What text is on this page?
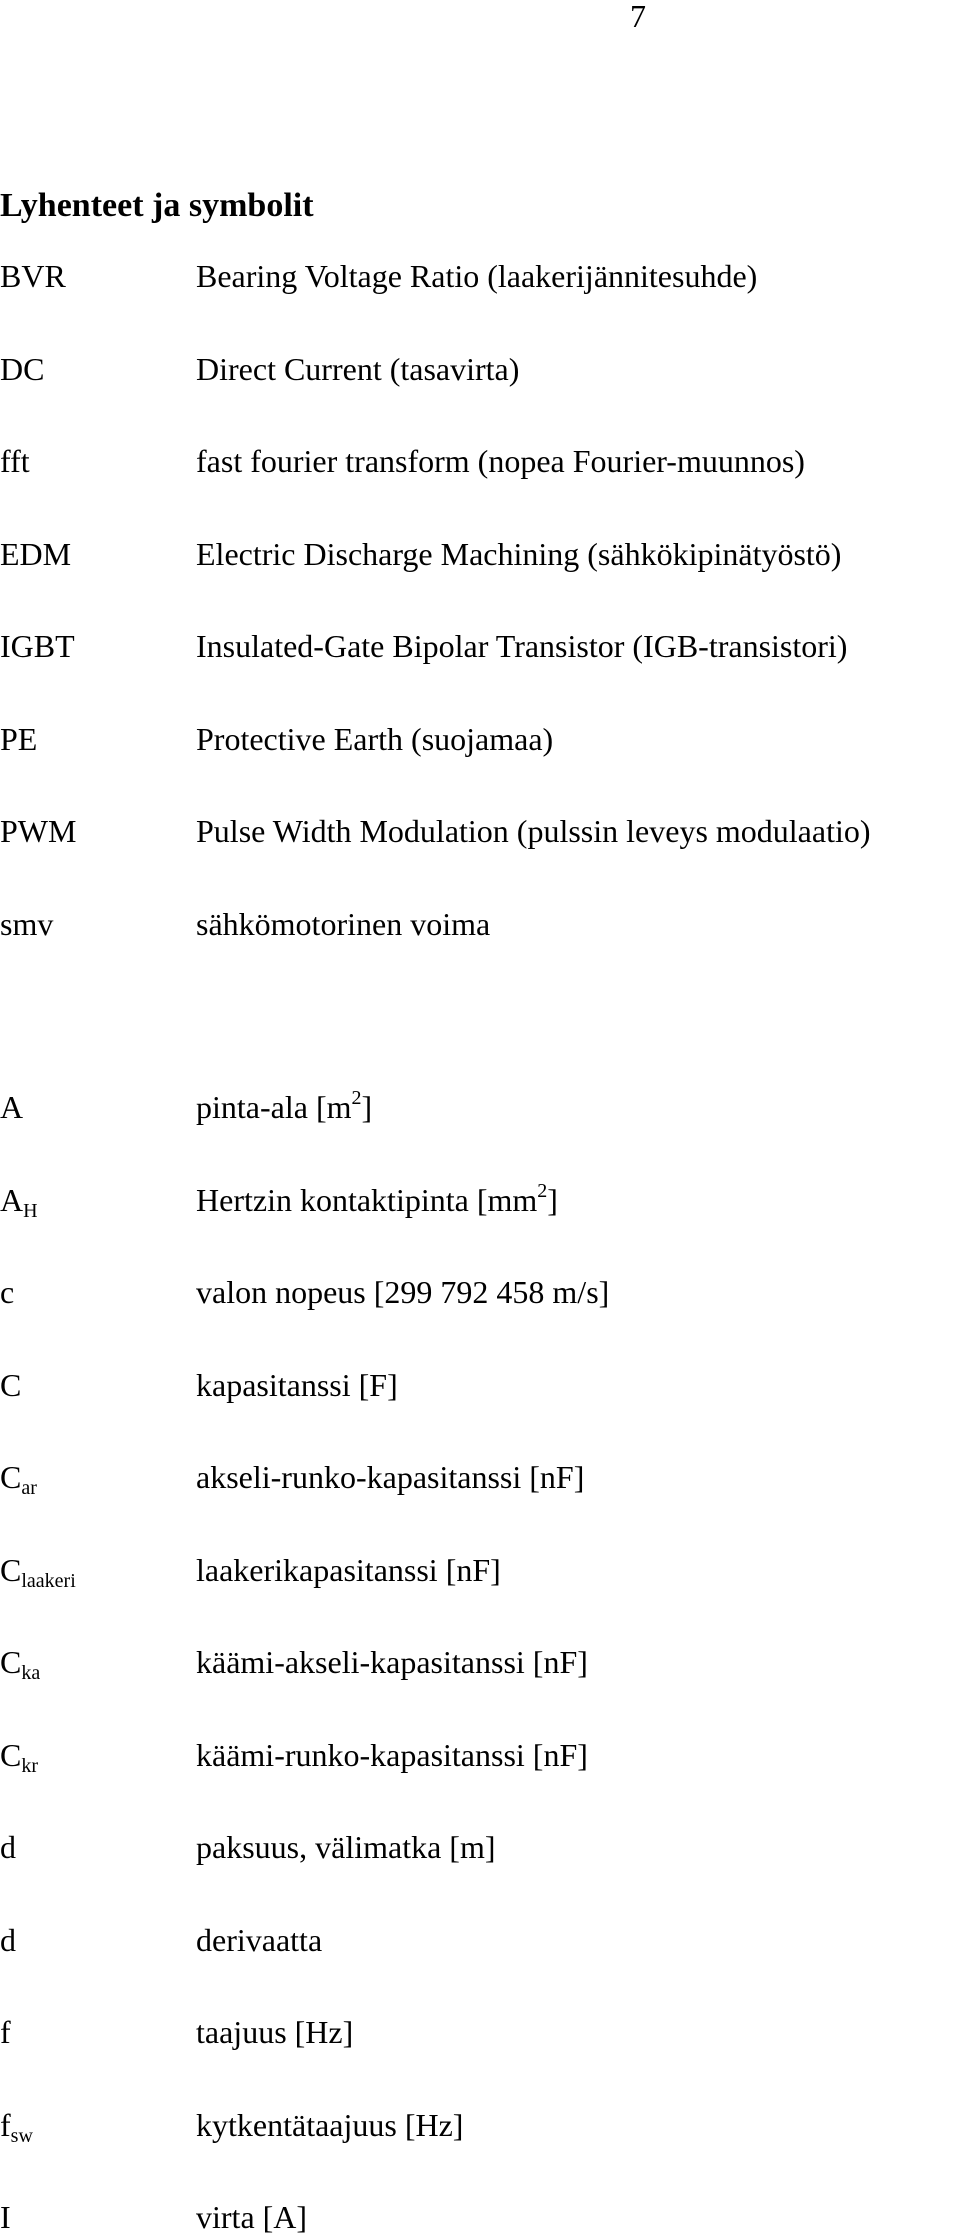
7
Lyhenteet ja symbolit
BVR	Bearing Voltage Ratio (laakerijännitesuhde)
DC	Direct Current (tasavirta)
fft	fast fourier transform (nopea Fourier-muunnos)
EDM	Electric Discharge Machining (sähkökipinätyöstö)
IGBT	Insulated-Gate Bipolar Transistor (IGB-transistori)
PE	Protective Earth (suojamaa)
PWM	Pulse Width Modulation (pulssin leveys modulaatio)
smv	sähkömotorinen voima
A	pinta-ala $[m^2]$
$A_H$	Hertzin kontaktipinta $[mm^2]$
c	valon nopeus [299 792 458 m/s]
C	kapasitanssi [F]
$C_{ar}$	akseli-runko-kapasitanssi [nF]
$C_{laakeri}$	laakerikapasitanssi [nF]
$C_{ka}$	käämi-akseli-kapasitanssi [nF]
$C_{kr}$	käämi-runko-kapasitanssi [nF]
d	paksuus, välimatka [m]
d	derivaatta
f	taajuus [Hz]
$f_{sw}$	kytkentätaajuus [Hz]
I	virta [A]
